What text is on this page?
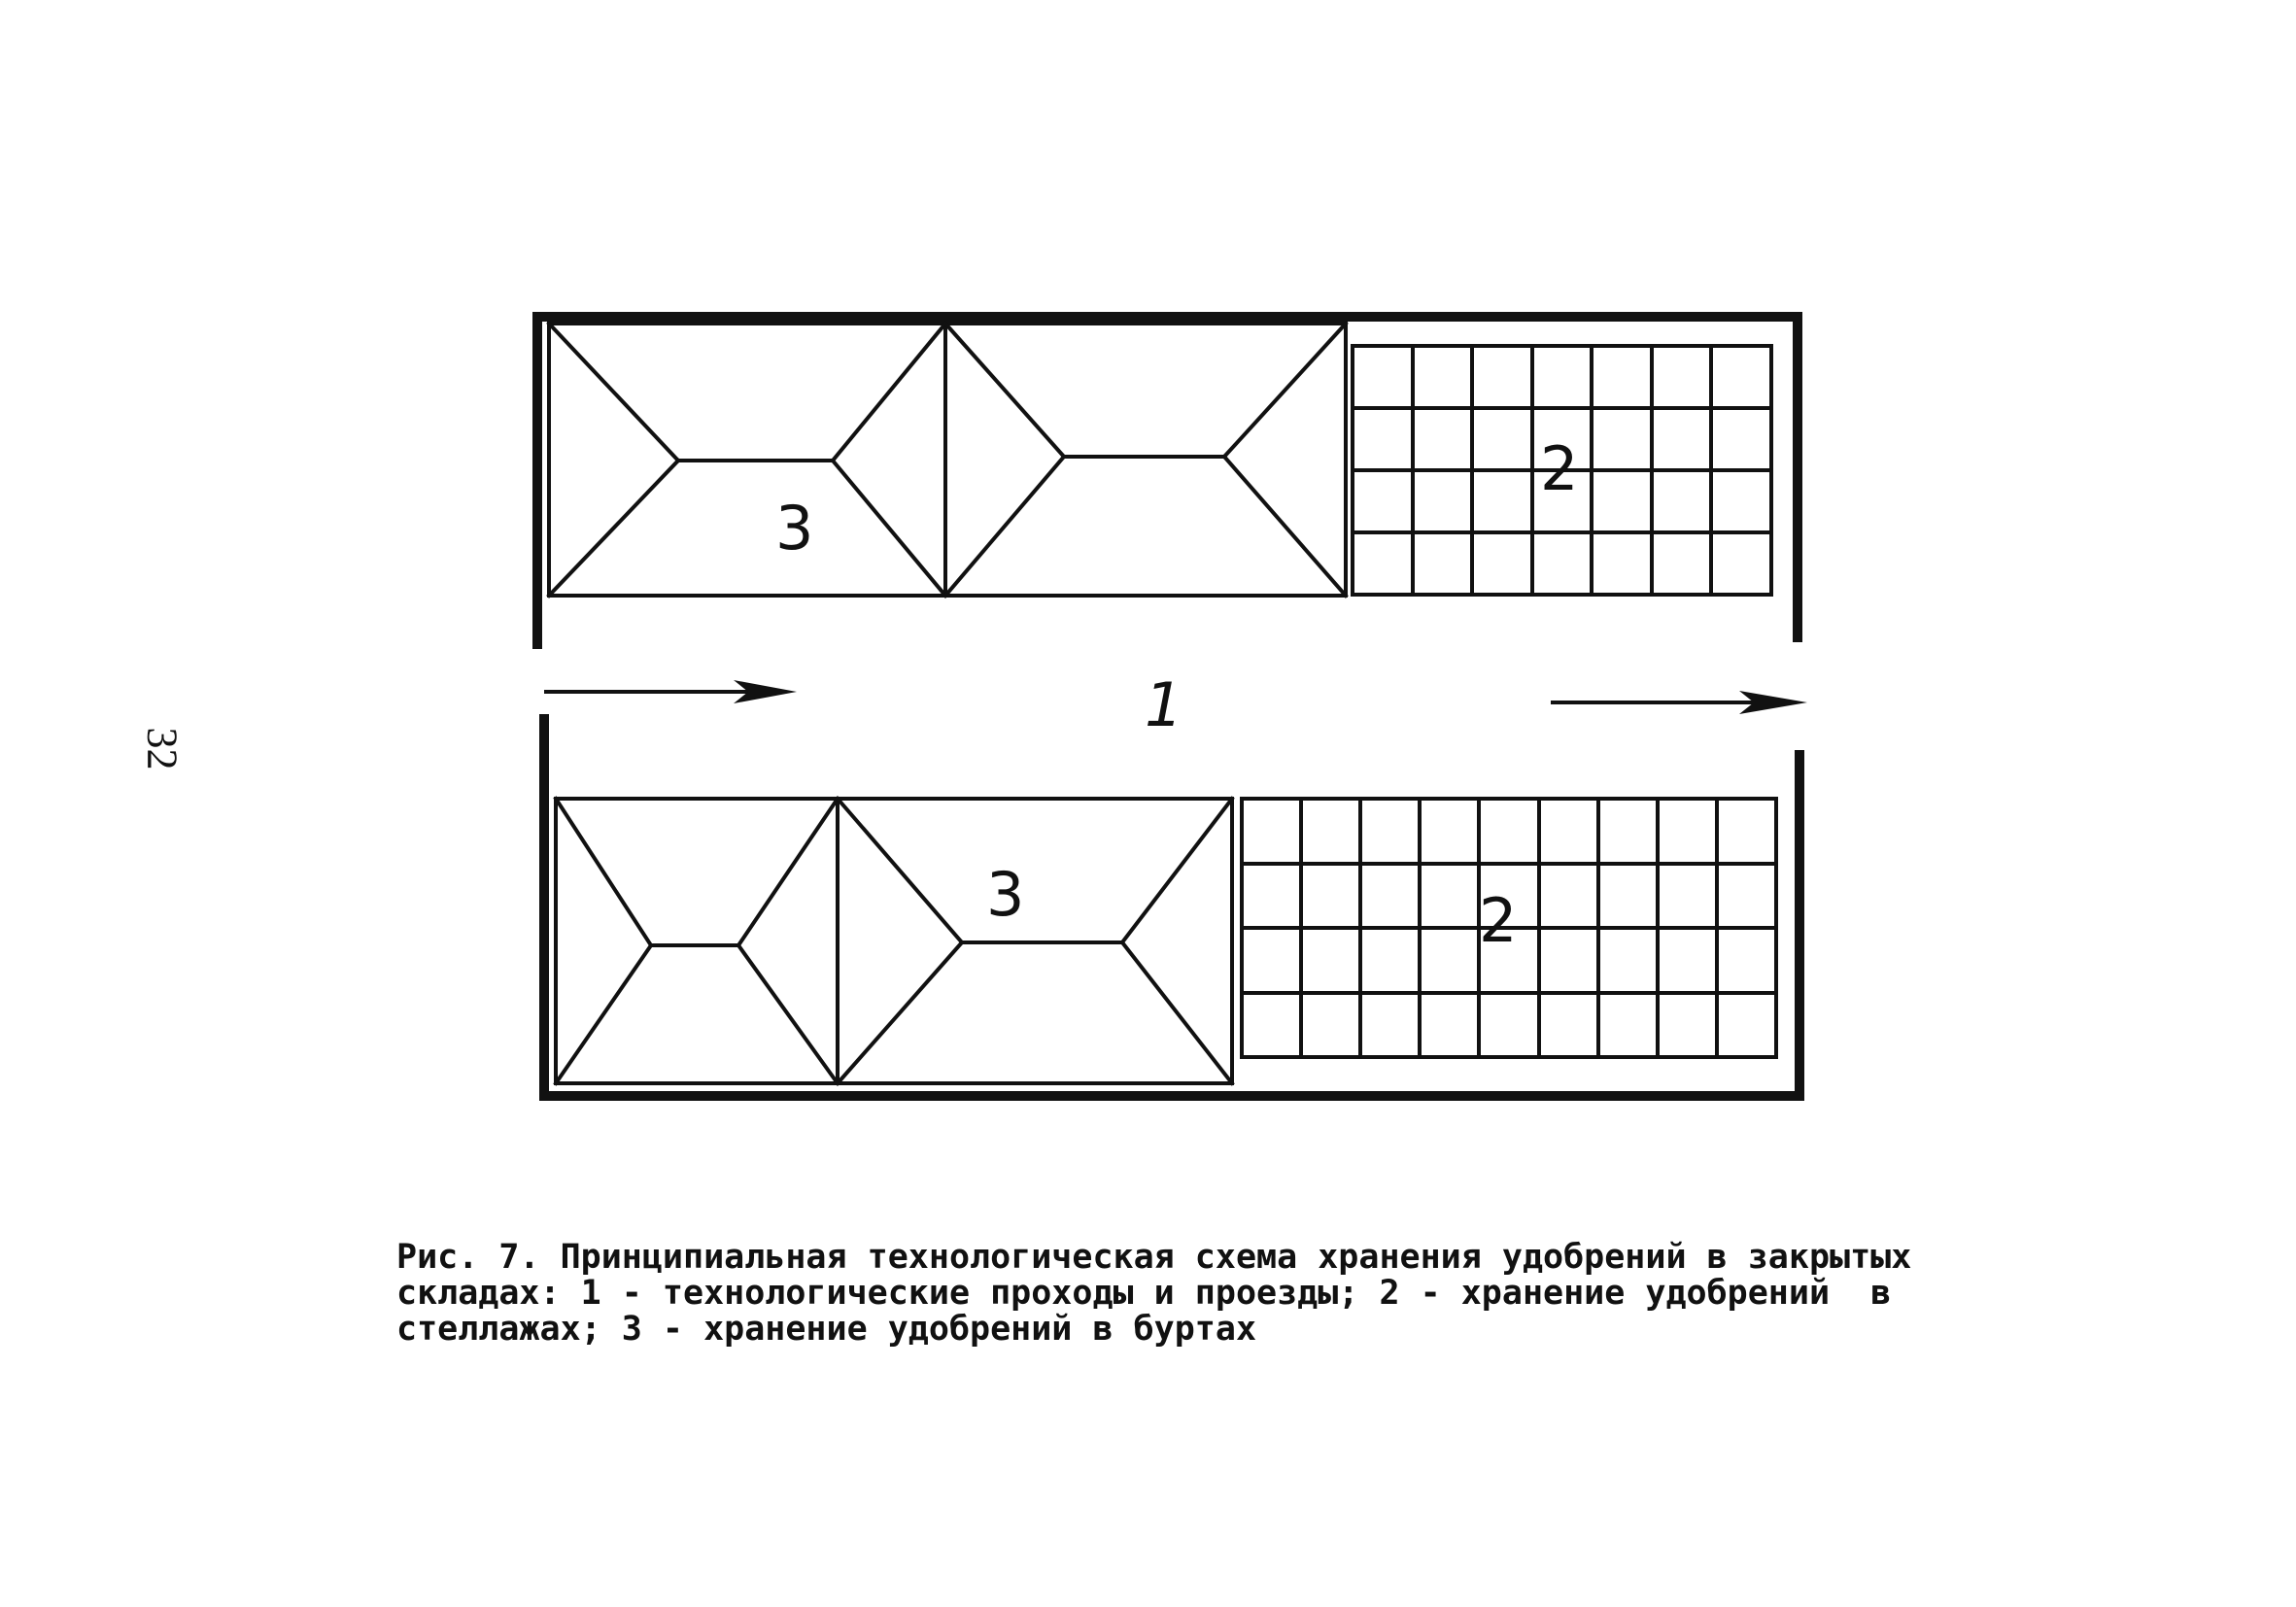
32
3
2
1
3	2
Рис. 7. Принципиальная технологическая схема хранения удобрений в закрытых
складах: 1 - технологические проходы и проезды; 2 - хранение удобрений  в
стеллажах; 3 - хранение удобрений в буртах
